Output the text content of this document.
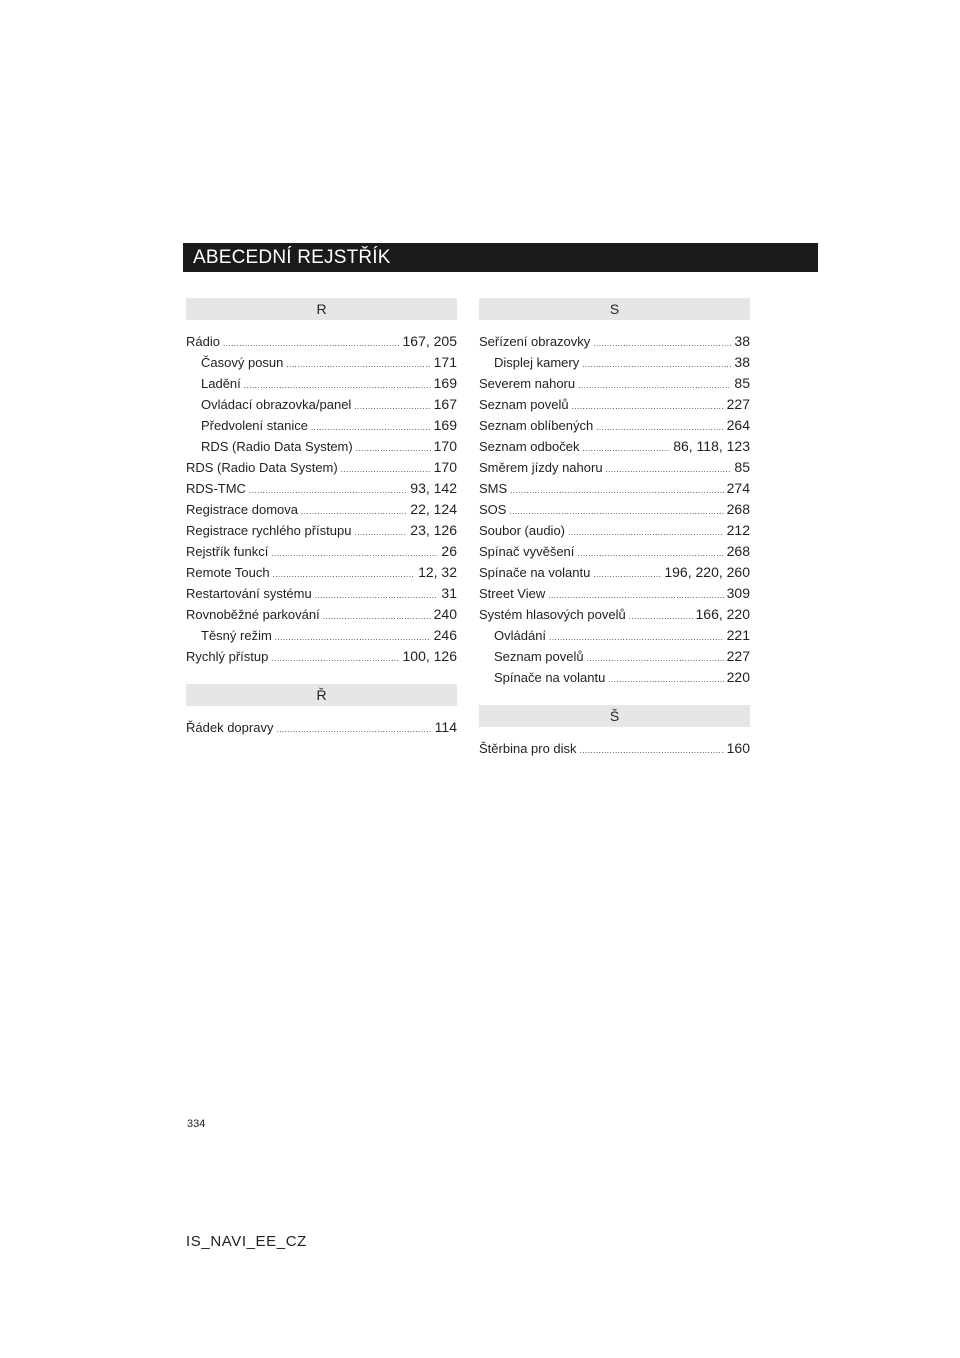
ABECEDNÍ REJSTŘÍK
R
Rádio .....	167, 205
Časový posun .....	171
Ladění .....	169
Ovládací obrazovka/panel .....	167
Předvolení stanice .....	169
RDS (Radio Data System) .....	170
RDS (Radio Data System) .....	170
RDS-TMC .....	93, 142
Registrace domova .....	22, 124
Registrace rychlého přístupu .....	23, 126
Rejstřík funkcí .....	26
Remote Touch .....	12, 32
Restartování systému .....	31
Rovnoběžné parkování .....	240
Těsný režim .....	246
Rychlý přístup .....	100, 126
Ř
Řádek dopravy .....	114
S
Seřízení obrazovky .....	38
Displej kamery .....	38
Severem nahoru .....	85
Seznam povelů .....	227
Seznam oblíbených .....	264
Seznam odboček .....	86, 118, 123
Směrem jízdy nahoru .....	85
SMS .....	274
SOS .....	268
Soubor (audio) .....	212
Spínač vyvěšení .....	268
Spínače na volantu .....	196, 220, 260
Street View .....	309
Systém hlasových povelů .....	166, 220
Ovládání .....	221
Seznam povelů .....	227
Spínače na volantu .....	220
Š
Štěrbina pro disk .....	160
334
IS_NAVI_EE_CZ
